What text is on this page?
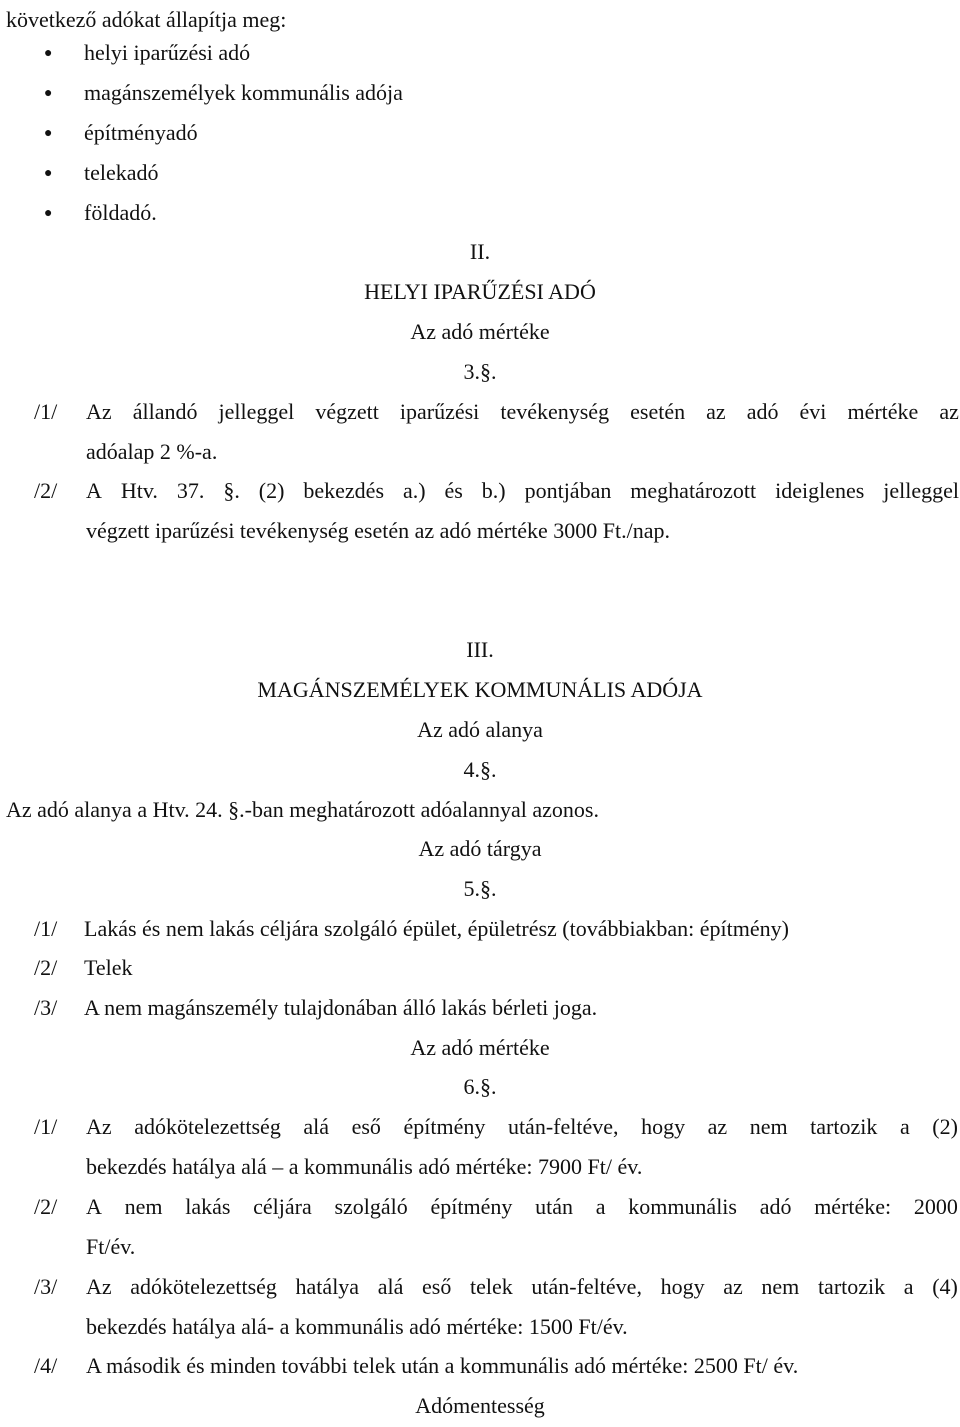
következő adókat állapítja meg:
● helyi iparűzési adó
● magánszemélyek kommunális adója
● építményadó
● telekadó
● földadó.
II.
HELYI IPARŰZÉSI ADÓ
Az adó mértéke
3.§.
/1/ Az állandó jelleggel végzett iparűzési tevékenység esetén az adó évi mértéke az
adóalap 2 %-a.
/2/ A Htv. 37. §. (2) bekezdés a.) és b.) pontjában meghatározott ideiglenes jelleggel
végzett iparűzési tevékenység esetén az adó mértéke 3000 Ft./nap.
III.
MAGÁNSZEMÉLYEK KOMMUNÁLIS ADÓJA
Az adó alanya
4.§.
Az adó alanya a Htv. 24. §.-ban meghatározott adóalannyal azonos.
Az adó tárgya
5.§.
/1/ Lakás és nem lakás céljára szolgáló épület, épületrész (továbbiakban: építmény)
/2/ Telek
/3/ A nem magánszemély tulajdonában álló lakás bérleti joga.
Az adó mértéke
6.§.
/1/ Az adókötelezettség alá eső építmény után-feltéve, hogy az nem tartozik a (2)
bekezdés hatálya alá – a kommunális adó mértéke: 7900 Ft/ év.
/2/ A nem lakás céljára szolgáló építmény után a kommunális adó mértéke: 2000
Ft/év.
/3/ Az adókötelezettség hatálya alá eső telek után-feltéve, hogy az nem tartozik a (4)
bekezdés hatálya alá- a kommunális adó mértéke: 1500 Ft/év.
/4/ A második és minden további telek után a kommunális adó mértéke: 2500 Ft/ év.
Adómentesség
